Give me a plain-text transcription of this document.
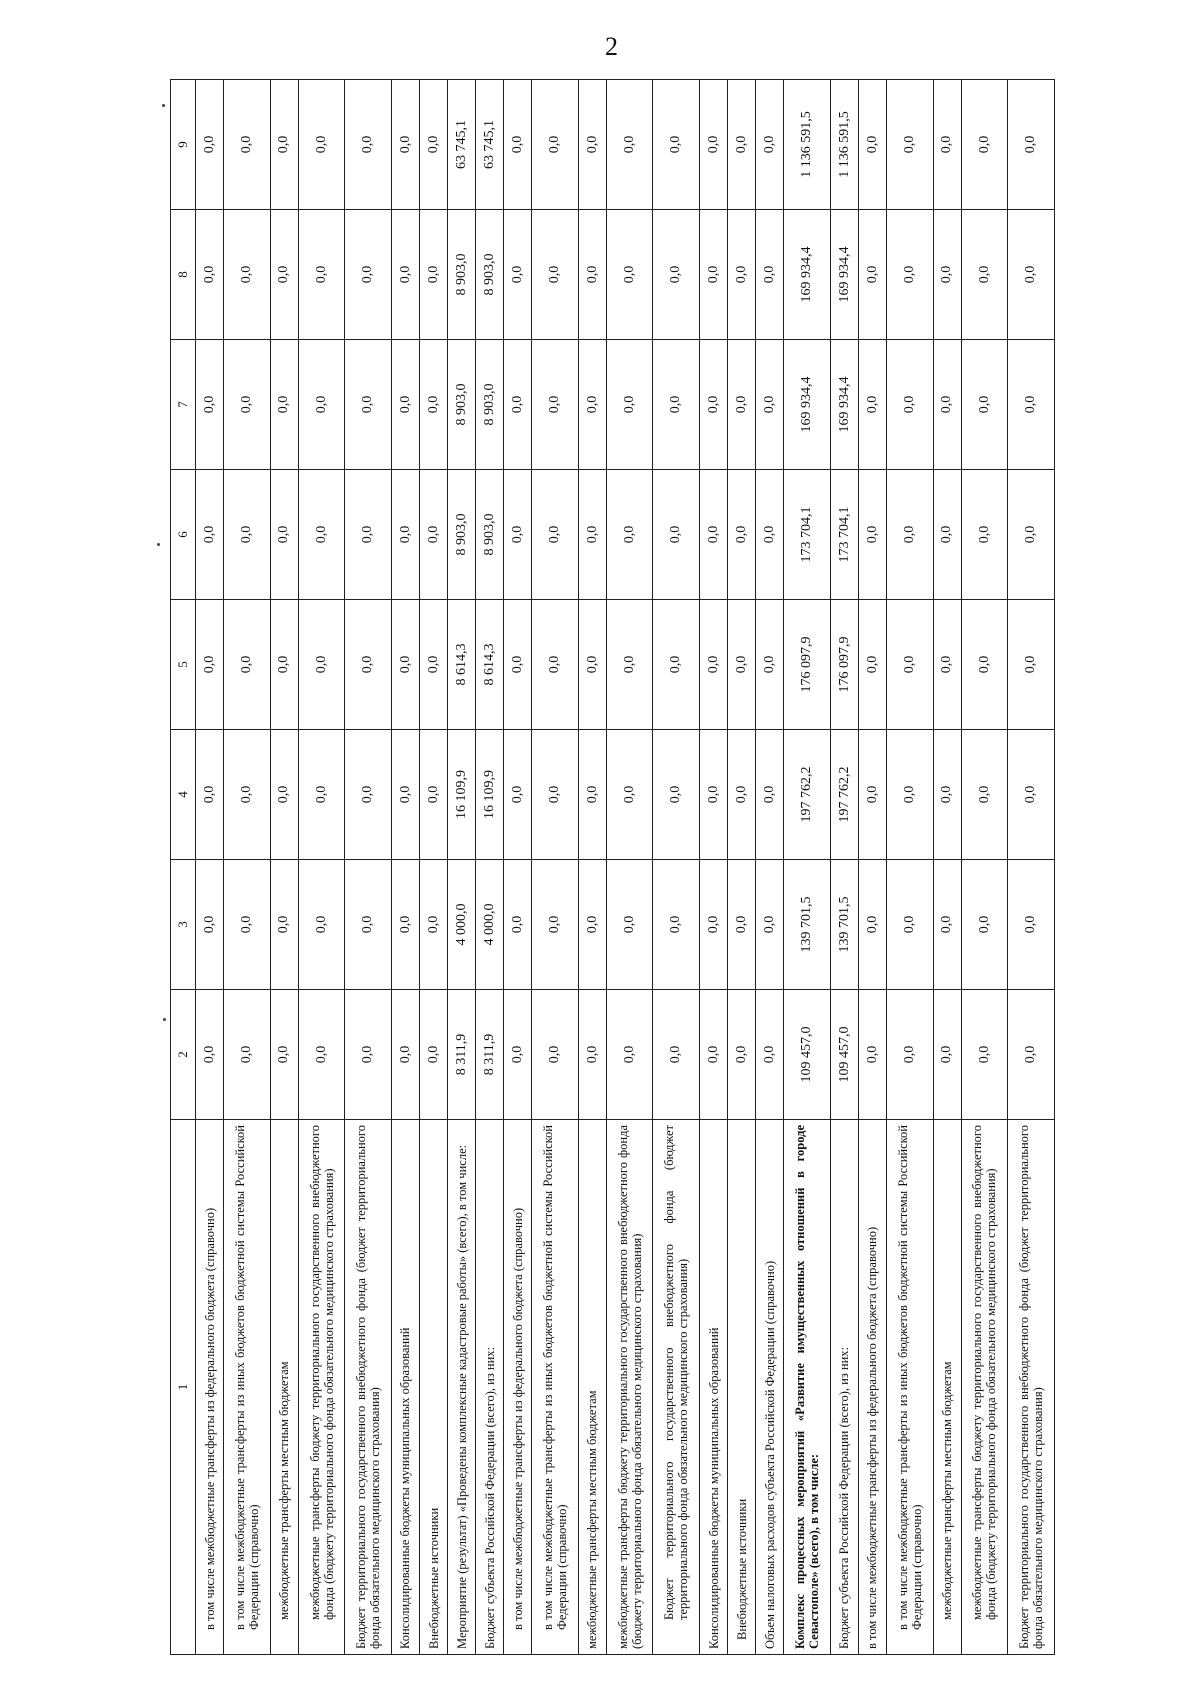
2
1	2	3	4	5	6	7	8	9
в том числе межбюджетные трансферты из федерального бюджета (справочно)	0,0	0,0	0,0	0,0	0,0	0,0	0,0	0,0
в том числе межбюджетные трансферты из иных бюджетов бюджетной системы Российской Федерации (справочно)	0,0	0,0	0,0	0,0	0,0	0,0	0,0	0,0
межбюджетные трансферты местным бюджетам	0,0	0,0	0,0	0,0	0,0	0,0	0,0	0,0
межбюджетные трансферты бюджету территориального государственного внебюджетного фонда (бюджету территориального фонда обязательного медицинского страхования)	0,0	0,0	0,0	0,0	0,0	0,0	0,0	0,0
Бюджет территориального государственного внебюджетного фонда (бюджет территориального фонда обязательного медицинского страхования)	0,0	0,0	0,0	0,0	0,0	0,0	0,0	0,0
Консолидированные бюджеты муниципальных образований	0,0	0,0	0,0	0,0	0,0	0,0	0,0	0,0
Внебюджетные источники	0,0	0,0	0,0	0,0	0,0	0,0	0,0	0,0
Мероприятие (результат) «Проведены комплексные кадастровые работы» (всего), в том числе:	8 311,9	4 000,0	16 109,9	8 614,3	8 903,0	8 903,0	8 903,0	63 745,1
Бюджет субъекта Российской Федерации (всего), из них:	8 311,9	4 000,0	16 109,9	8 614,3	8 903,0	8 903,0	8 903,0	63 745,1
в том числе межбюджетные трансферты из федерального бюджета (справочно)	0,0	0,0	0,0	0,0	0,0	0,0	0,0	0,0
в том числе межбюджетные трансферты из иных бюджетов бюджетной системы Российской Федерации (справочно)	0,0	0,0	0,0	0,0	0,0	0,0	0,0	0,0
межбюджетные трансферты местным бюджетам	0,0	0,0	0,0	0,0	0,0	0,0	0,0	0,0
межбюджетные трансферты бюджету территориального государственного внебюджетного фонда (бюджету территориального фонда обязательного медицинского страхования)	0,0	0,0	0,0	0,0	0,0	0,0	0,0	0,0
Бюджет территориального государственного внебюджетного фонда (бюджет территориального фонда обязательного медицинского страхования)	0,0	0,0	0,0	0,0	0,0	0,0	0,0	0,0
Консолидированные бюджеты муниципальных образований	0,0	0,0	0,0	0,0	0,0	0,0	0,0	0,0
Внебюджетные источники	0,0	0,0	0,0	0,0	0,0	0,0	0,0	0,0
Объем налоговых расходов субъекта Российской Федерации (справочно)	0,0	0,0	0,0	0,0	0,0	0,0	0,0	0,0
Комплекс процессных мероприятий «Развитие имущественных отношений в городе Севастополе» (всего), в том числе:	109 457,0	139 701,5	197 762,2	176 097,9	173 704,1	169 934,4	169 934,4	1 136 591,5
Бюджет субъекта Российской Федерации (всего), из них:	109 457,0	139 701,5	197 762,2	176 097,9	173 704,1	169 934,4	169 934,4	1 136 591,5
в том числе межбюджетные трансферты из федерального бюджета (справочно)	0,0	0,0	0,0	0,0	0,0	0,0	0,0	0,0
в том числе межбюджетные трансферты из иных бюджетов бюджетной системы Российской Федерации (справочно)	0,0	0,0	0,0	0,0	0,0	0,0	0,0	0,0
межбюджетные трансферты местным бюджетам	0,0	0,0	0,0	0,0	0,0	0,0	0,0	0,0
межбюджетные трансферты бюджету территориального государственного внебюджетного фонда (бюджету территориального фонда обязательного медицинского страхования)	0,0	0,0	0,0	0,0	0,0	0,0	0,0	0,0
Бюджет территориального государственного внебюджетного фонда (бюджет территориального фонда обязательного медицинского страхования)	0,0	0,0	0,0	0,0	0,0	0,0	0,0	0,0
